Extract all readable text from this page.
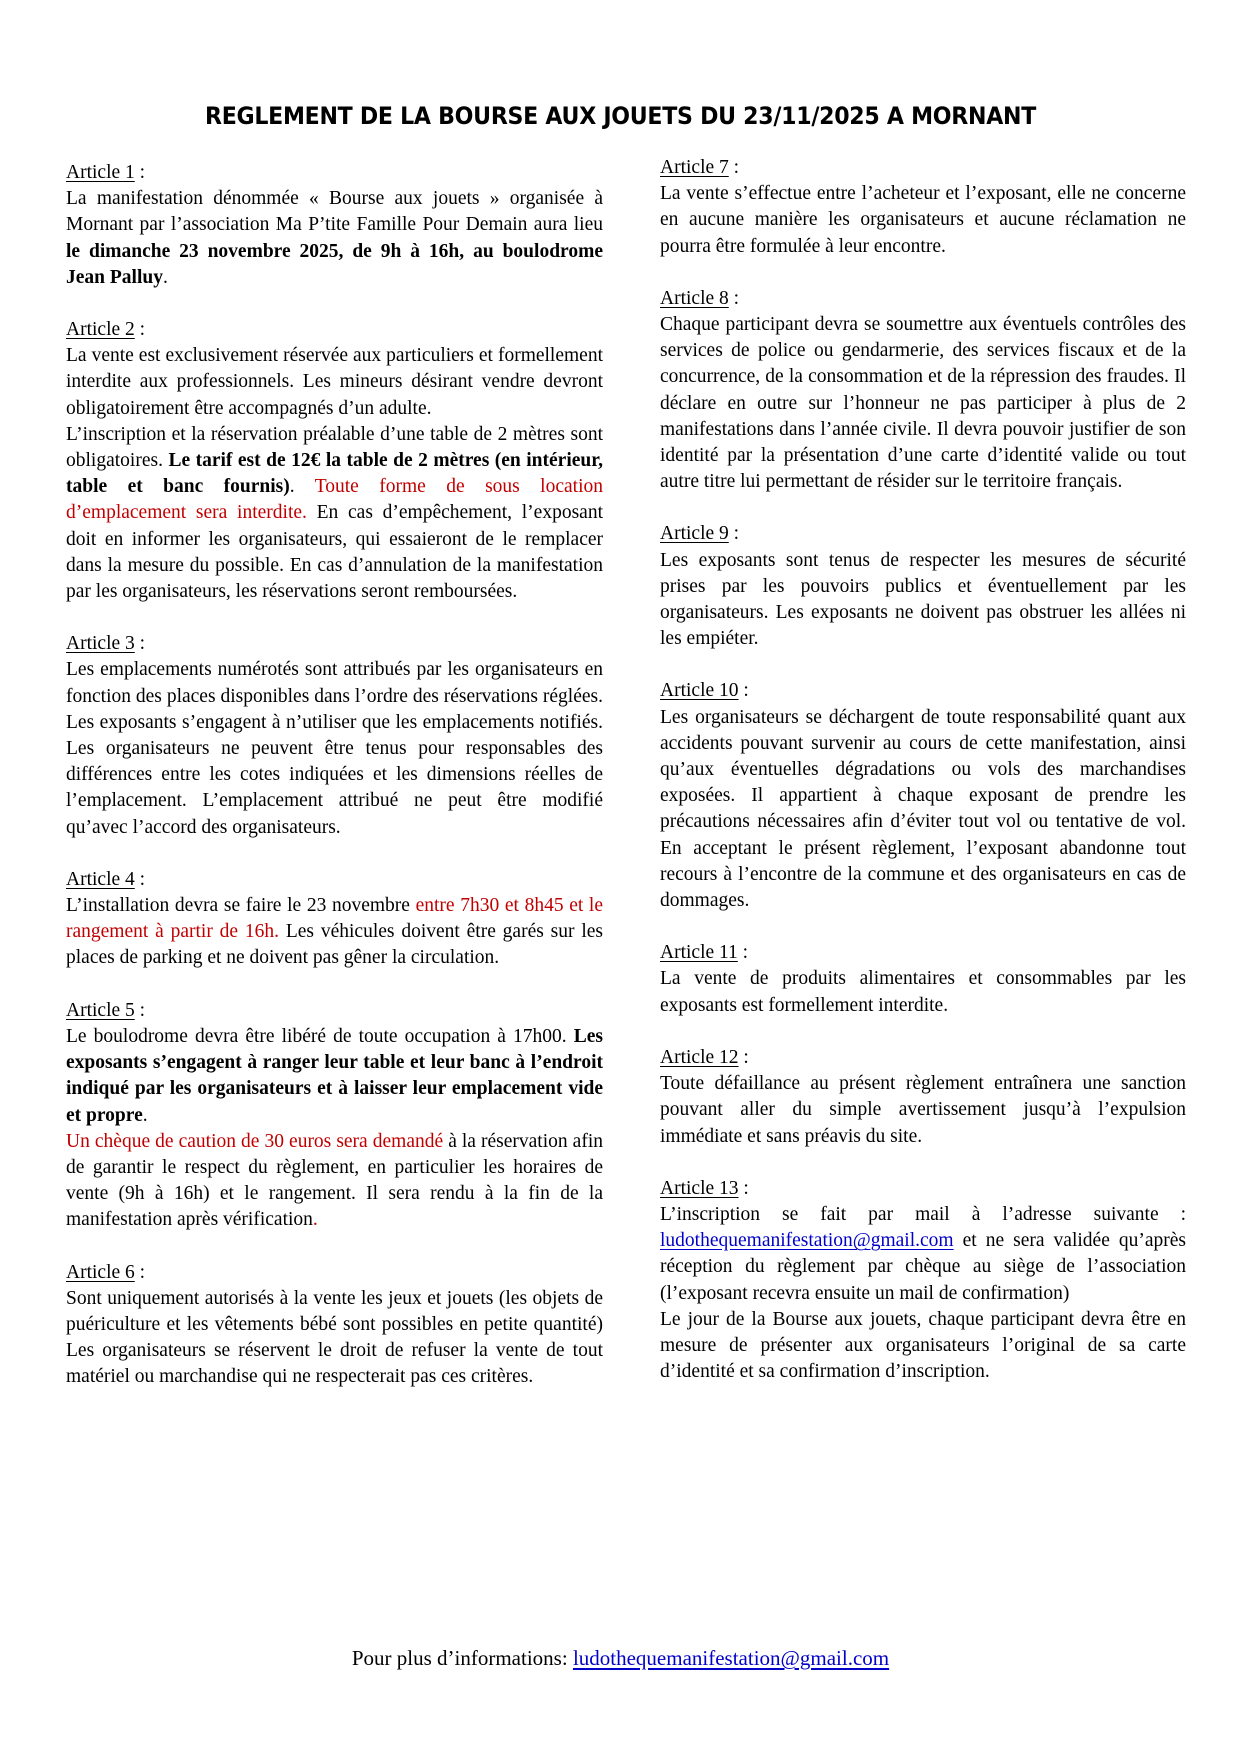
REGLEMENT DE LA BOURSE AUX JOUETS DU 23/11/2025 A MORNANT
Article 1 :

La manifestation dénommée « Bourse aux jouets » organisée à Mornant par l’association Ma P’tite Famille Pour Demain aura lieu le dimanche 23 novembre 2025, de 9h à 16h, au boulodrome Jean Palluy.

Article 2 :

La vente est exclusivement réservée aux particuliers et formellement interdite aux professionnels. Les mineurs désirant vendre devront obligatoirement être accompagnés d’un adulte.

L’inscription et la réservation préalable d’une table de 2 mètres sont obligatoires. Le tarif est de 12€ la table de 2 mètres (en intérieur, table et banc fournis). Toute forme de sous location d’emplacement sera interdite. En cas d’empêchement, l’exposant doit en informer les organisateurs, qui essaieront de le remplacer dans la mesure du possible. En cas d’annulation de la manifestation par les organisateurs, les réservations seront remboursées.

Article 3 :

Les emplacements numérotés sont attribués par les organisateurs en fonction des places disponibles dans l’ordre des réservations réglées. Les exposants s’engagent à n’utiliser que les emplacements notifiés. Les organisateurs ne peuvent être tenus pour responsables des différences entre les cotes indiquées et les dimensions réelles de l’emplacement. L’emplacement attribué ne peut être modifié qu’avec l’accord des organisateurs.

Article 4 :

L’installation devra se faire le 23 novembre entre 7h30 et 8h45 et le rangement à partir de 16h. Les véhicules doivent être garés sur les places de parking et ne doivent pas gêner la circulation.

Article 5 :

Le boulodrome devra être libéré de toute occupation à 17h00. Les exposants s’engagent à ranger leur table et leur banc à l’endroit indiqué par les organisateurs et à laisser leur emplacement vide et propre.

Un chèque de caution de 30 euros sera demandé à la réservation afin de garantir le respect du règlement, en particulier les horaires de vente (9h à 16h) et le rangement. Il sera rendu à la fin de la manifestation après vérification.

Article 6 :

Sont uniquement autorisés à la vente les jeux et jouets (les objets de puériculture et les vêtements bébé sont possibles en petite quantité) Les organisateurs se réservent le droit de refuser la vente de tout matériel ou marchandise qui ne respecterait pas ces critères.

Article 7 :

La vente s’effectue entre l’acheteur et l’exposant, elle ne concerne en aucune manière les organisateurs et aucune réclamation ne pourra être formulée à leur encontre.

Article 8 :

Chaque participant devra se soumettre aux éventuels contrôles des services de police ou gendarmerie, des services fiscaux et de la concurrence, de la consommation et de la répression des fraudes. Il déclare en outre sur l’honneur ne pas participer à plus de 2 manifestations dans l’année civile. Il devra pouvoir justifier de son identité par la présentation d’une carte d’identité valide ou tout autre titre lui permettant de résider sur le territoire français.

Article 9 :

Les exposants sont tenus de respecter les mesures de sécurité prises par les pouvoirs publics et éventuellement par les organisateurs. Les exposants ne doivent pas obstruer les allées ni les empiéter.

Article 10 :

Les organisateurs se déchargent de toute responsabilité quant aux accidents pouvant survenir au cours de cette manifestation, ainsi qu’aux éventuelles dégradations ou vols des marchandises exposées. Il appartient à chaque exposant de prendre les précautions nécessaires afin d’éviter tout vol ou tentative de vol. En acceptant le présent règlement, l’exposant abandonne tout recours à l’encontre de la commune et des organisateurs en cas de dommages.

Article 11 :

La vente de produits alimentaires et consommables par les exposants est formellement interdite.

Article 12 :

Toute défaillance au présent règlement entraînera une sanction pouvant aller du simple avertissement jusqu’à l’expulsion immédiate et sans préavis du site.

Article 13 :

L’inscription se fait par mail à l’adresse suivante : ludothequemanifestation@gmail.com et ne sera validée qu’après réception du règlement par chèque au siège de l’association (l’exposant recevra ensuite un mail de confirmation)

Le jour de la Bourse aux jouets, chaque participant devra être en mesure de présenter aux organisateurs l’original de sa carte d’identité et sa confirmation d’inscription.

Pour plus d’informations: ludothequemanifestation@gmail.com
